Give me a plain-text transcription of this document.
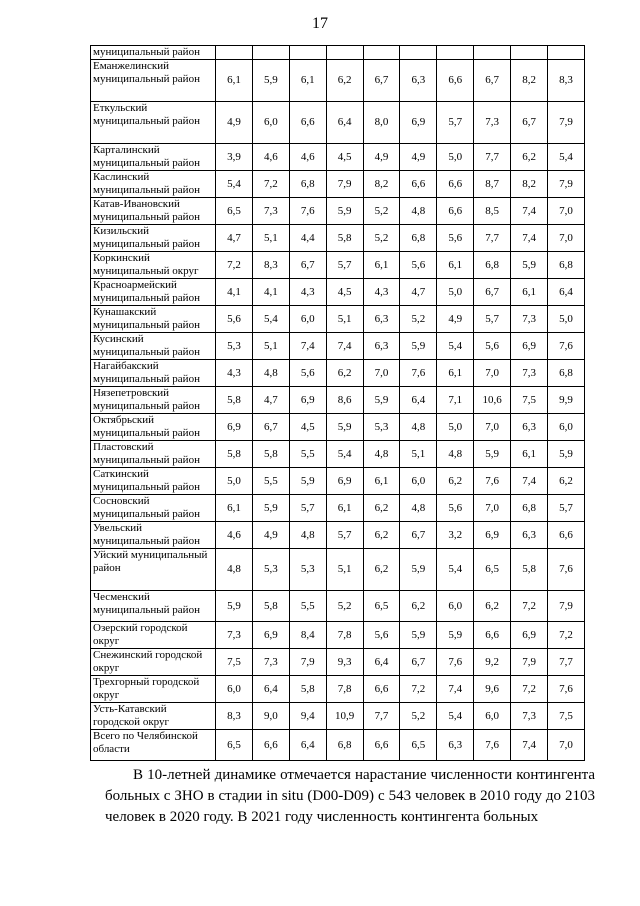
17
муниципальный район										
Еманжелинский муниципальный район	6,1	5,9	6,1	6,2	6,7	6,3	6,6	6,7	8,2	8,3
Еткульский муниципальный район	4,9	6,0	6,6	6,4	8,0	6,9	5,7	7,3	6,7	7,9
Карталинский муниципальный район	3,9	4,6	4,6	4,5	4,9	4,9	5,0	7,7	6,2	5,4
Каслинский муниципальный район	5,4	7,2	6,8	7,9	8,2	6,6	6,6	8,7	8,2	7,9
Катав-Ивановский муниципальный район	6,5	7,3	7,6	5,9	5,2	4,8	6,6	8,5	7,4	7,0
Кизильский муниципальный район	4,7	5,1	4,4	5,8	5,2	6,8	5,6	7,7	7,4	7,0
Коркинский муниципальный округ	7,2	8,3	6,7	5,7	6,1	5,6	6,1	6,8	5,9	6,8
Красноармейский муниципальный район	4,1	4,1	4,3	4,5	4,3	4,7	5,0	6,7	6,1	6,4
Кунашакский муниципальный район	5,6	5,4	6,0	5,1	6,3	5,2	4,9	5,7	7,3	5,0
Кусинский муниципальный район	5,3	5,1	7,4	7,4	6,3	5,9	5,4	5,6	6,9	7,6
Нагайбакский муниципальный район	4,3	4,8	5,6	6,2	7,0	7,6	6,1	7,0	7,3	6,8
Нязепетровский муниципальный район	5,8	4,7	6,9	8,6	5,9	6,4	7,1	10,6	7,5	9,9
Октябрьский муниципальный район	6,9	6,7	4,5	5,9	5,3	4,8	5,0	7,0	6,3	6,0
Пластовский муниципальный район	5,8	5,8	5,5	5,4	4,8	5,1	4,8	5,9	6,1	5,9
Саткинский муниципальный район	5,0	5,5	5,9	6,9	6,1	6,0	6,2	7,6	7,4	6,2
Сосновский муниципальный район	6,1	5,9	5,7	6,1	6,2	4,8	5,6	7,0	6,8	5,7
Увельский муниципальный район	4,6	4,9	4,8	5,7	6,2	6,7	3,2	6,9	6,3	6,6
Уйский муниципальный район	4,8	5,3	5,3	5,1	6,2	5,9	5,4	6,5	5,8	7,6
Чесменский муниципальный район	5,9	5,8	5,5	5,2	6,5	6,2	6,0	6,2	7,2	7,9
Озерский городской округ	7,3	6,9	8,4	7,8	5,6	5,9	5,9	6,6	6,9	7,2
Снежинский городской округ	7,5	7,3	7,9	9,3	6,4	6,7	7,6	9,2	7,9	7,7
Трехгорный городской округ	6,0	6,4	5,8	7,8	6,6	7,2	7,4	9,6	7,2	7,6
Усть-Катавский городской округ	8,3	9,0	9,4	10,9	7,7	5,2	5,4	6,0	7,3	7,5
Всего по Челябинской области	6,5	6,6	6,4	6,8	6,6	6,5	6,3	7,6	7,4	7,0

В 10-летней динамике отмечается нарастание численности контингента больных с ЗНО в стадии in situ (D00-D09) с 543 человек в 2010 году до 2103 человек в 2020 году. В 2021 году численность контингента больных
